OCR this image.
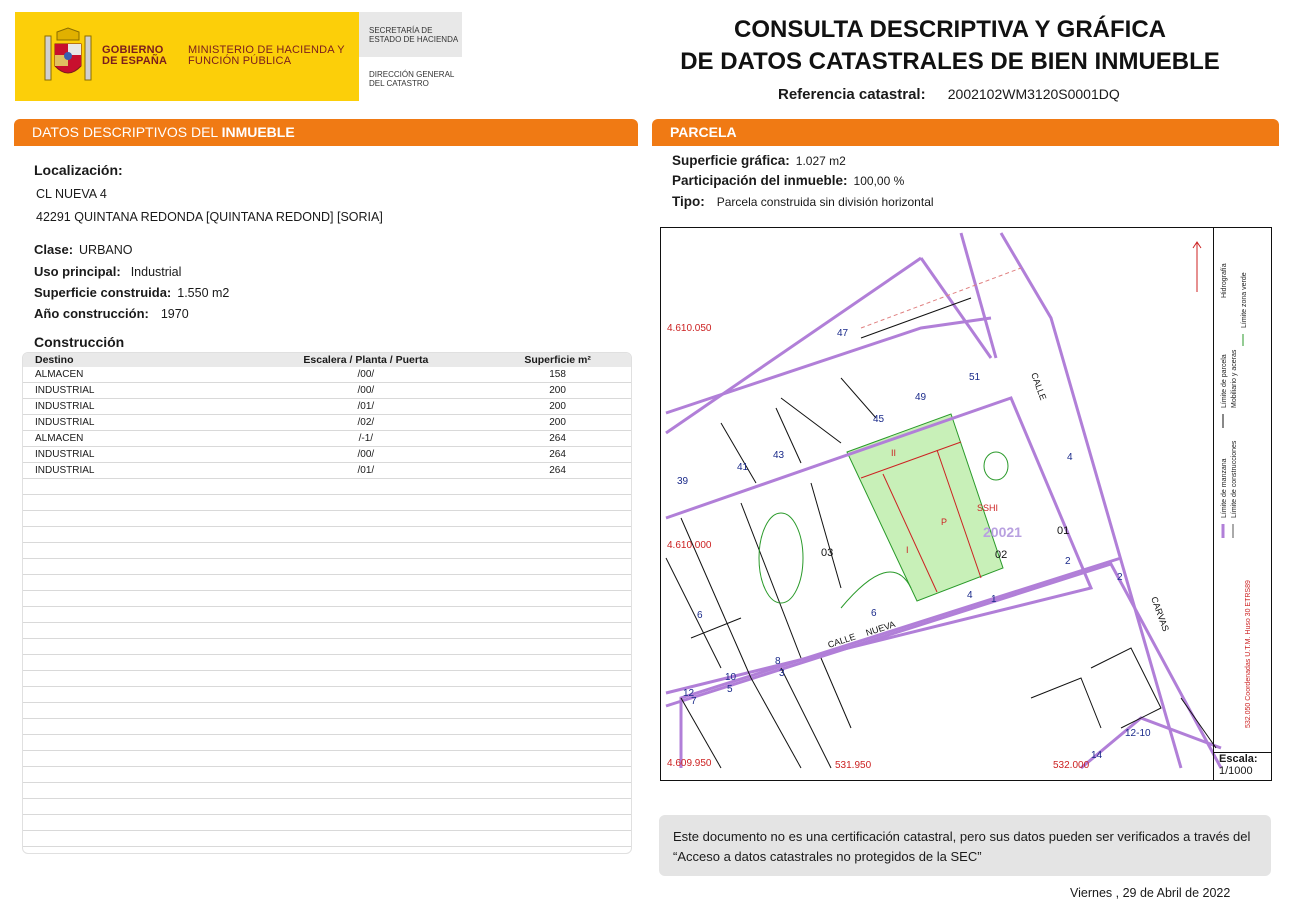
GOBIERNO DE ESPAÑA
MINISTERIO DE HACIENDA Y FUNCIÓN PÚBLICA
SECRETARÍA DE ESTADO DE HACIENDA
DIRECCIÓN GENERAL DEL CATASTRO
CONSULTA DESCRIPTIVA Y GRÁFICA
DE DATOS CATASTRALES DE BIEN INMUEBLE
Referencia catastral: 2002102WM3120S0001DQ
DATOS DESCRIPTIVOS DEL INMUEBLE
Localización:
CL NUEVA 4
42291 QUINTANA REDONDA [QUINTANA REDOND] [SORIA]
Clase: URBANO
Uso principal: Industrial
Superficie construida: 1.550 m2
Año construcción: 1970
Construcción
Destino	Escalera / Planta / Puerta	Superficie m²
ALMACEN	/00/	158
INDUSTRIAL	/00/	200
INDUSTRIAL	/01/	200
INDUSTRIAL	/02/	200
ALMACEN	/-1/	264
INDUSTRIAL	/00/	264
INDUSTRIAL	/01/	264
PARCELA
Superficie gráfica: 1.027 m2
Participación del inmueble: 100,00 %
Tipo: Parcela construida sin división horizontal
4.610.050
4.610.000
4.609.950	531.950	532.000
II
P
SSHI
I
20021
47
45
49
51
43
41
39
4
2
4 1
6
8
10
12	5
3
7
2
14
12-10
6
03
01
02
CALLE
NUEVA
CALLE
CARVAS
Límite de manzana
Límite de parcela
Límite de construcciones
Mobiliario y aceras
Límite zona verde
Hidrografía
532.050 Coordenadas U.T.M. Huso 30 ETRS89
Escala:
1/1000
Este documento no es una certificación catastral, pero sus datos pueden ser verificados a través del “Acceso a datos catastrales no protegidos de la SEC”
Viernes , 29 de Abril de 2022
